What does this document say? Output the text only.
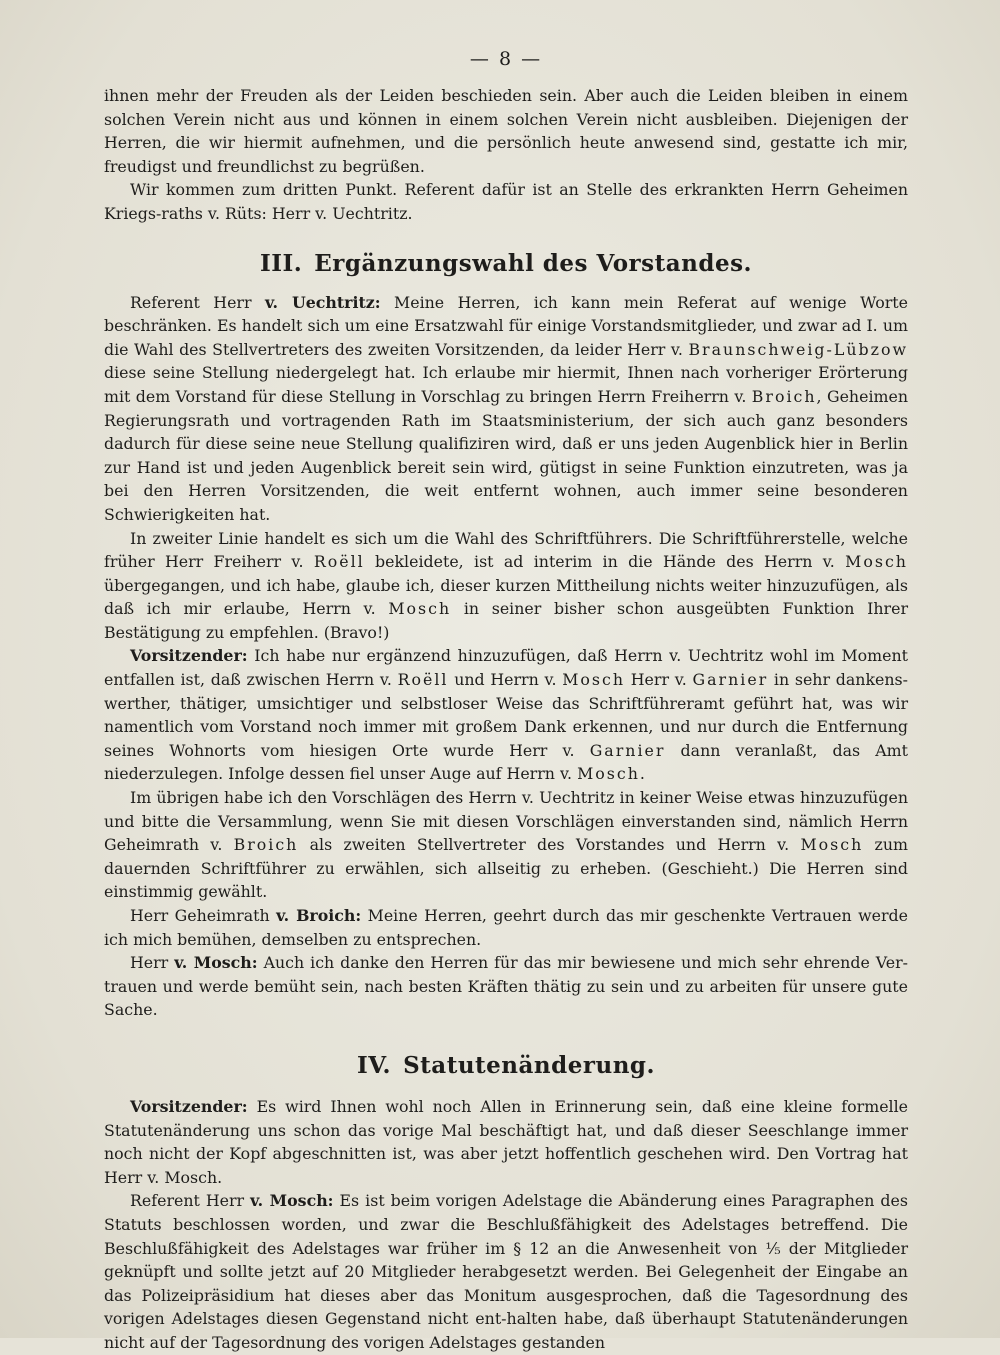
— 8 —

ihnen mehr der Freuden als der Leiden beschieden sein. Aber auch die Leiden bleiben in einem solchen Verein nicht aus und können in einem solchen Verein nicht ausbleiben. Diejenigen der Herren, die wir hiermit aufnehmen, und die persönlich heute anwesend sind, gestatte ich mir, freudigst und freundlichst zu begrüßen.

Wir kommen zum dritten Punkt. Referent dafür ist an Stelle des erkrankten Herrn Geheimen Kriegs-raths v. Rüts: Herr v. Uechtritz.

III. Ergänzungswahl des Vorstandes.

Referent Herr v. Uechtritz: Meine Herren, ich kann mein Referat auf wenige Worte beschränken. Es handelt sich um eine Ersatzwahl für einige Vorstandsmitglieder, und zwar ad I. um die Wahl des Stellvertreters des zweiten Vorsitzenden, da leider Herr v. Braunschweig-Lübzow diese seine Stellung niedergelegt hat. Ich erlaube mir hiermit, Ihnen nach vorheriger Erörterung mit dem Vorstand für diese Stellung in Vorschlag zu bringen Herrn Freiherrn v. Broich, Geheimen Regierungsrath und vortragenden Rath im Staatsministerium, der sich auch ganz besonders dadurch für diese seine neue Stellung qualifiziren wird, daß er uns jeden Augenblick hier in Berlin zur Hand ist und jeden Augenblick bereit sein wird, gütigst in seine Funktion einzutreten, was ja bei den Herren Vorsitzenden, die weit entfernt wohnen, auch immer seine besonderen Schwierigkeiten hat.

In zweiter Linie handelt es sich um die Wahl des Schriftführers. Die Schriftführerstelle, welche früher Herr Freiherr v. Roëll bekleidete, ist ad interim in die Hände des Herrn v. Mosch übergegangen, und ich habe, glaube ich, dieser kurzen Mittheilung nichts weiter hinzuzufügen, als daß ich mir erlaube, Herrn v. Mosch in seiner bisher schon ausgeübten Funktion Ihrer Bestätigung zu empfehlen. (Bravo!)

Vorsitzender: Ich habe nur ergänzend hinzuzufügen, daß Herrn v. Uechtritz wohl im Moment entfallen ist, daß zwischen Herrn v. Roëll und Herrn v. Mosch Herr v. Garnier in sehr dankens-werther, thätiger, umsichtiger und selbstloser Weise das Schriftführeramt geführt hat, was wir namentlich vom Vorstand noch immer mit großem Dank erkennen, und nur durch die Entfernung seines Wohnorts vom hiesigen Orte wurde Herr v. Garnier dann veranlaßt, das Amt niederzulegen. Infolge dessen fiel unser Auge auf Herrn v. Mosch.

Im übrigen habe ich den Vorschlägen des Herrn v. Uechtritz in keiner Weise etwas hinzuzufügen und bitte die Versammlung, wenn Sie mit diesen Vorschlägen einverstanden sind, nämlich Herrn Geheimrath v. Broich als zweiten Stellvertreter des Vorstandes und Herrn v. Mosch zum dauernden Schriftführer zu erwählen, sich allseitig zu erheben. (Geschieht.) Die Herren sind einstimmig gewählt.

Herr Geheimrath v. Broich: Meine Herren, geehrt durch das mir geschenkte Vertrauen werde ich mich bemühen, demselben zu entsprechen.

Herr v. Mosch: Auch ich danke den Herren für das mir bewiesene und mich sehr ehrende Ver-trauen und werde bemüht sein, nach besten Kräften thätig zu sein und zu arbeiten für unsere gute Sache.

IV. Statutenänderung.

Vorsitzender: Es wird Ihnen wohl noch Allen in Erinnerung sein, daß eine kleine formelle Statutenänderung uns schon das vorige Mal beschäftigt hat, und daß dieser Seeschlange immer noch nicht der Kopf abgeschnitten ist, was aber jetzt hoffentlich geschehen wird. Den Vortrag hat Herr v. Mosch.

Referent Herr v. Mosch: Es ist beim vorigen Adelstage die Abänderung eines Paragraphen des Statuts beschlossen worden, und zwar die Beschlußfähigkeit des Adelstages betreffend. Die Beschlußfähigkeit des Adelstages war früher im § 12 an die Anwesenheit von ⅕ der Mitglieder geknüpft und sollte jetzt auf 20 Mitglieder herabgesetzt werden. Bei Gelegenheit der Eingabe an das Polizeipräsidium hat dieses aber das Monitum ausgesprochen, daß die Tagesordnung des vorigen Adelstages diesen Gegenstand nicht ent-halten habe, daß überhaupt Statutenänderungen nicht auf der Tagesordnung des vorigen Adelstages gestanden
